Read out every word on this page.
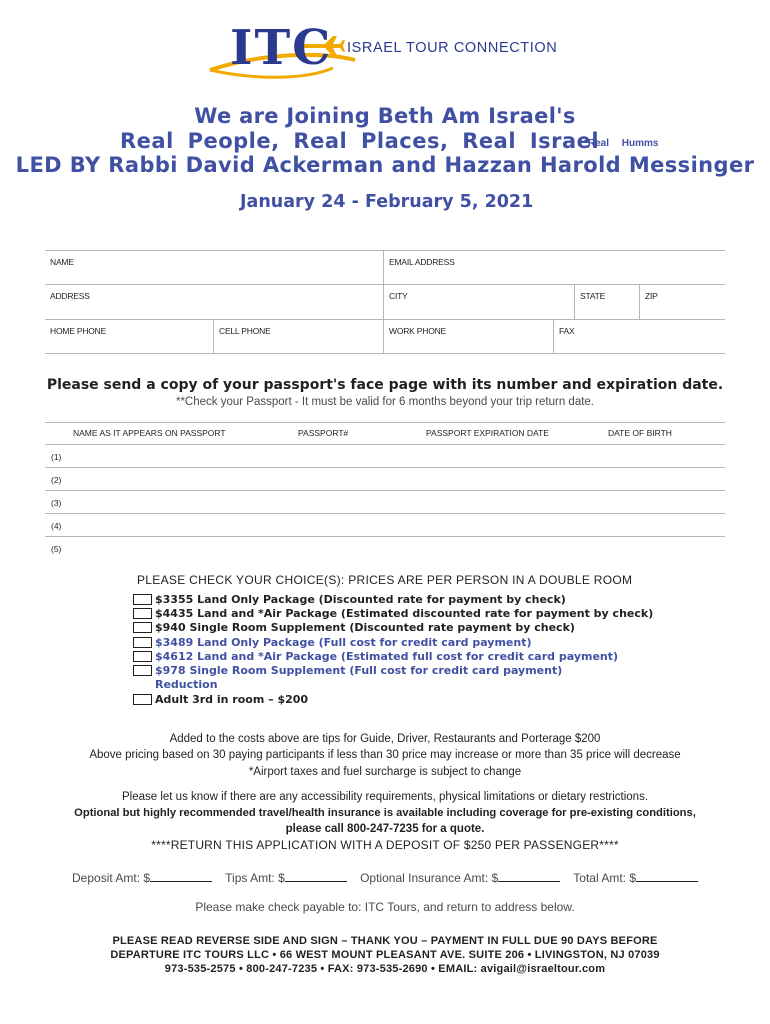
ITC ISRAEL TOUR CONNECTION
We are Joining Beth Am Israel's
Real People, Real Places, Real Israel
*Real Humms
LED BY Rabbi David Ackerman and Hazzan Harold Messinger
January 24 - February 5, 2021
NAME	EMAIL ADDRESS
ADDRESS	CITY	STATE	ZIP
HOME PHONE	CELL PHONE	WORK PHONE	FAX
Please send a copy of your passport's face page with its number and expiration date.
**Check your Passport - It must be valid for 6 months beyond your trip return date.
NAME AS IT APPEARS ON PASSPORT	PASSPORT#	PASSPORT EXPIRATION DATE	DATE OF BIRTH
(1)
(2)
(3)
(4)
(5)
PLEASE CHECK YOUR CHOICE(S): PRICES ARE PER PERSON IN A DOUBLE ROOM
$3355 Land Only Package (Discounted rate for payment by check)
$4435 Land and *Air Package (Estimated discounted rate for payment by check)
$940 Single Room Supplement (Discounted rate payment by check)
$3489 Land Only Package (Full cost for credit card payment)
$4612 Land and *Air Package (Estimated full cost for credit card payment)
$978 Single Room Supplement (Full cost for credit card payment)
Reduction
Adult 3rd in room – $200
Added to the costs above are tips for Guide, Driver, Restaurants and Porterage $200
Above pricing based on 30 paying participants if less than 30 price may increase or more than 35 price will decrease
*Airport taxes and fuel surcharge is subject to change
Please let us know if there are any accessibility requirements, physical limitations or dietary restrictions.
Optional but highly recommended travel/health insurance is available including coverage for pre-existing conditions,
please call 800-247-7235 for a quote.
****RETURN THIS APPLICATION WITH A DEPOSIT OF $250 PER PASSENGER****
Deposit Amt: $	Tips Amt: $	Optional Insurance Amt: $	Total Amt: $
Please make check payable to: ITC Tours, and return to address below.
PLEASE READ REVERSE SIDE AND SIGN – THANK YOU – PAYMENT IN FULL DUE 90 DAYS BEFORE
DEPARTURE ITC TOURS LLC • 66 WEST MOUNT PLEASANT AVE. SUITE 206 • LIVINGSTON, NJ 07039
973-535-2575 • 800-247-7235 • FAX: 973-535-2690 • EMAIL: avigail@israeltour.com
